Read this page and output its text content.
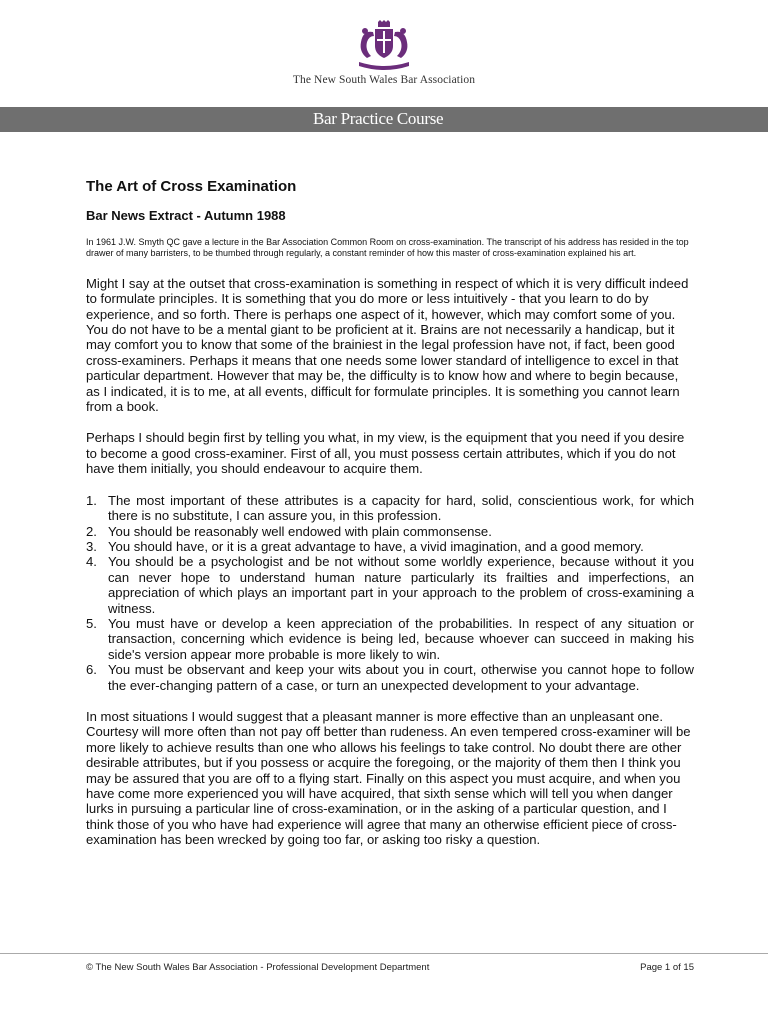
The New South Wales Bar Association
Bar Practice Course
The Art of Cross Examination
Bar News Extract - Autumn 1988

In 1961 J.W. Smyth QC gave a lecture in the Bar Association Common Room on cross-examination. The transcript of his address has resided in the top drawer of many barristers, to be thumbed through regularly, a constant reminder of how this master of cross-examination explained his art.

Might I say at the outset that cross-examination is something in respect of which it is very difficult indeed to formulate principles. It is something that you do more or less intuitively - that you learn to do by experience, and so forth. There is perhaps one aspect of it, however, which may comfort some of you. You do not have to be a mental giant to be proficient at it. Brains are not necessarily a handicap, but it may comfort you to know that some of the brainiest in the legal profession have not, if fact, been good cross-examiners. Perhaps it means that one needs some lower standard of intelligence to excel in that particular department. However that may be, the difficulty is to know how and where to begin because, as I indicated, it is to me, at all events, difficult for formulate principles. It is something you cannot learn from a book.

Perhaps I should begin first by telling you what, in my view, is the equipment that you need if you desire to become a good cross-examiner. First of all, you must possess certain attributes, which if you do not have them initially, you should endeavour to acquire them.

1. The most important of these attributes is a capacity for hard, solid, conscientious work, for which there is no substitute, I can assure you, in this profession.
2. You should be reasonably well endowed with plain commonsense.
3. You should have, or it is a great advantage to have, a vivid imagination, and a good memory.
4. You should be a psychologist and be not without some worldly experience, because without it you can never hope to understand human nature particularly its frailties and imperfections, an appreciation of which plays an important part in your approach to the problem of cross-examining a witness.
5. You must have or develop a keen appreciation of the probabilities. In respect of any situation or transaction, concerning which evidence is being led, because whoever can succeed in making his side's version appear more probable is more likely to win.
6. You must be observant and keep your wits about you in court, otherwise you cannot hope to follow the ever-changing pattern of a case, or turn an unexpected development to your advantage.

In most situations I would suggest that a pleasant manner is more effective than an unpleasant one. Courtesy will more often than not pay off better than rudeness. An even tempered cross-examiner will be more likely to achieve results than one who allows his feelings to take control. No doubt there are other desirable attributes, but if you possess or acquire the foregoing, or the majority of them then I think you may be assured that you are off to a flying start. Finally on this aspect you must acquire, and when you have come more experienced you will have acquired, that sixth sense which will tell you when danger lurks in pursuing a particular line of cross-examination, or in the asking of a particular question, and I think those of you who have had experience will agree that many an otherwise efficient piece of cross-examination has been wrecked by going too far, or asking too risky a question.

© The New South Wales Bar Association - Professional Development Department	Page 1 of 15
